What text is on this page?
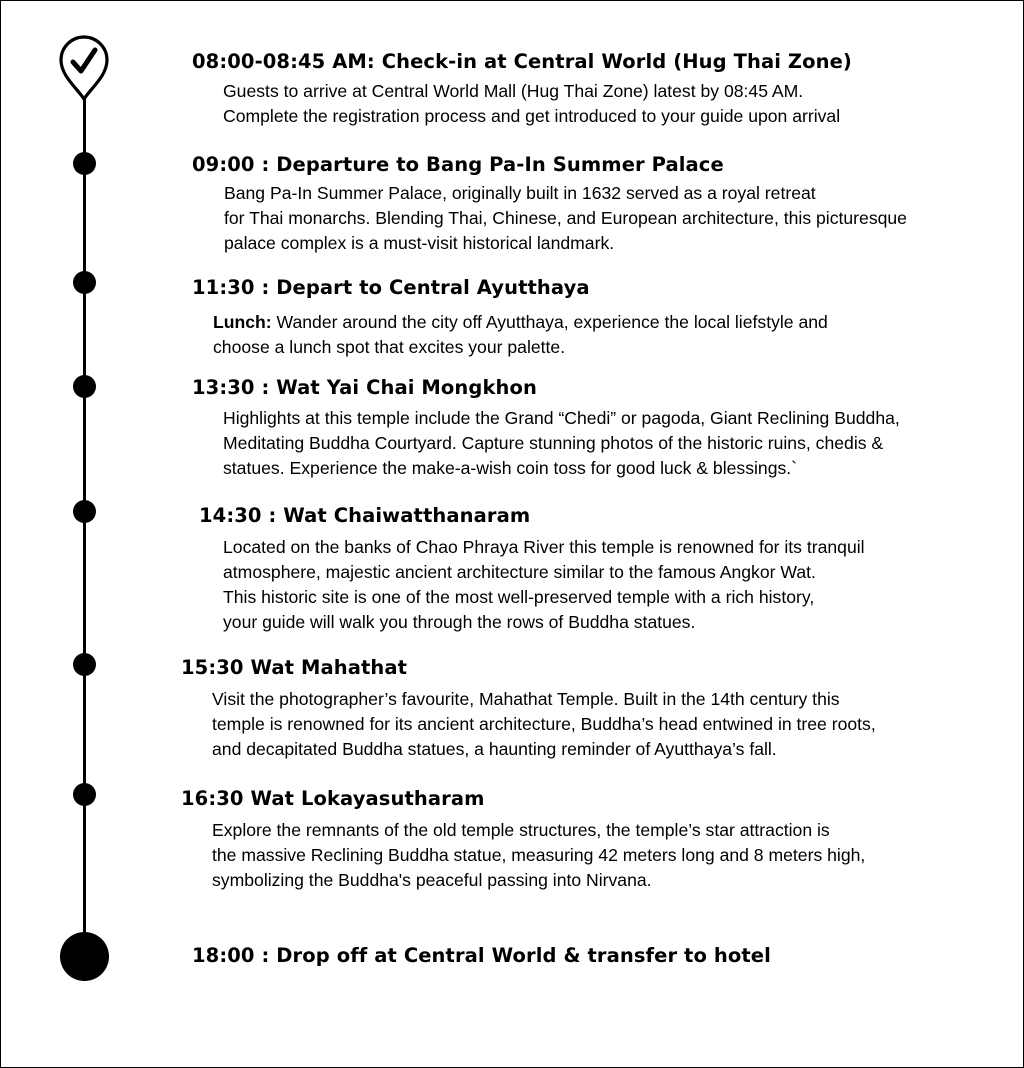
08:00-08:45 AM: Check-in at Central World (Hug Thai Zone)
Guests to arrive at Central World Mall (Hug Thai Zone) latest by 08:45 AM.
Complete the registration process and get introduced to your guide upon arrival
09:00 : Departure to Bang Pa-In Summer Palace
Bang Pa-In Summer Palace, originally built in 1632 served as a royal retreat
for Thai monarchs. Blending Thai, Chinese, and European architecture, this picturesque
palace complex is a must-visit historical landmark.
11:30 : Depart to Central Ayutthaya
Lunch: Wander around the city off Ayutthaya, experience the local liefstyle and
choose a lunch spot that excites your palette.
13:30 : Wat Yai Chai Mongkhon
Highlights at this temple include the Grand “Chedi” or pagoda, Giant Reclining Buddha,
Meditating Buddha Courtyard. Capture stunning photos of the historic ruins, chedis &
statues. Experience the make-a-wish coin toss for good luck & blessings.`
14:30 : Wat Chaiwatthanaram
Located on the banks of Chao Phraya River this temple is renowned for its tranquil
atmosphere, majestic ancient architecture similar to the famous Angkor Wat.
This historic site is one of the most well-preserved temple with a rich history,
your guide will walk you through the rows of Buddha statues.
15:30 Wat Mahathat
Visit the photographer’s favourite, Mahathat Temple. Built in the 14th century this
temple is renowned for its ancient architecture, Buddha’s head entwined in tree roots,
and decapitated Buddha statues, a haunting reminder of Ayutthaya’s fall.
16:30 Wat Lokayasutharam
Explore the remnants of the old temple structures, the temple’s star attraction is
the massive Reclining Buddha statue, measuring 42 meters long and 8 meters high,
symbolizing the Buddha's peaceful passing into Nirvana.
18:00 : Drop off at Central World & transfer to hotel
